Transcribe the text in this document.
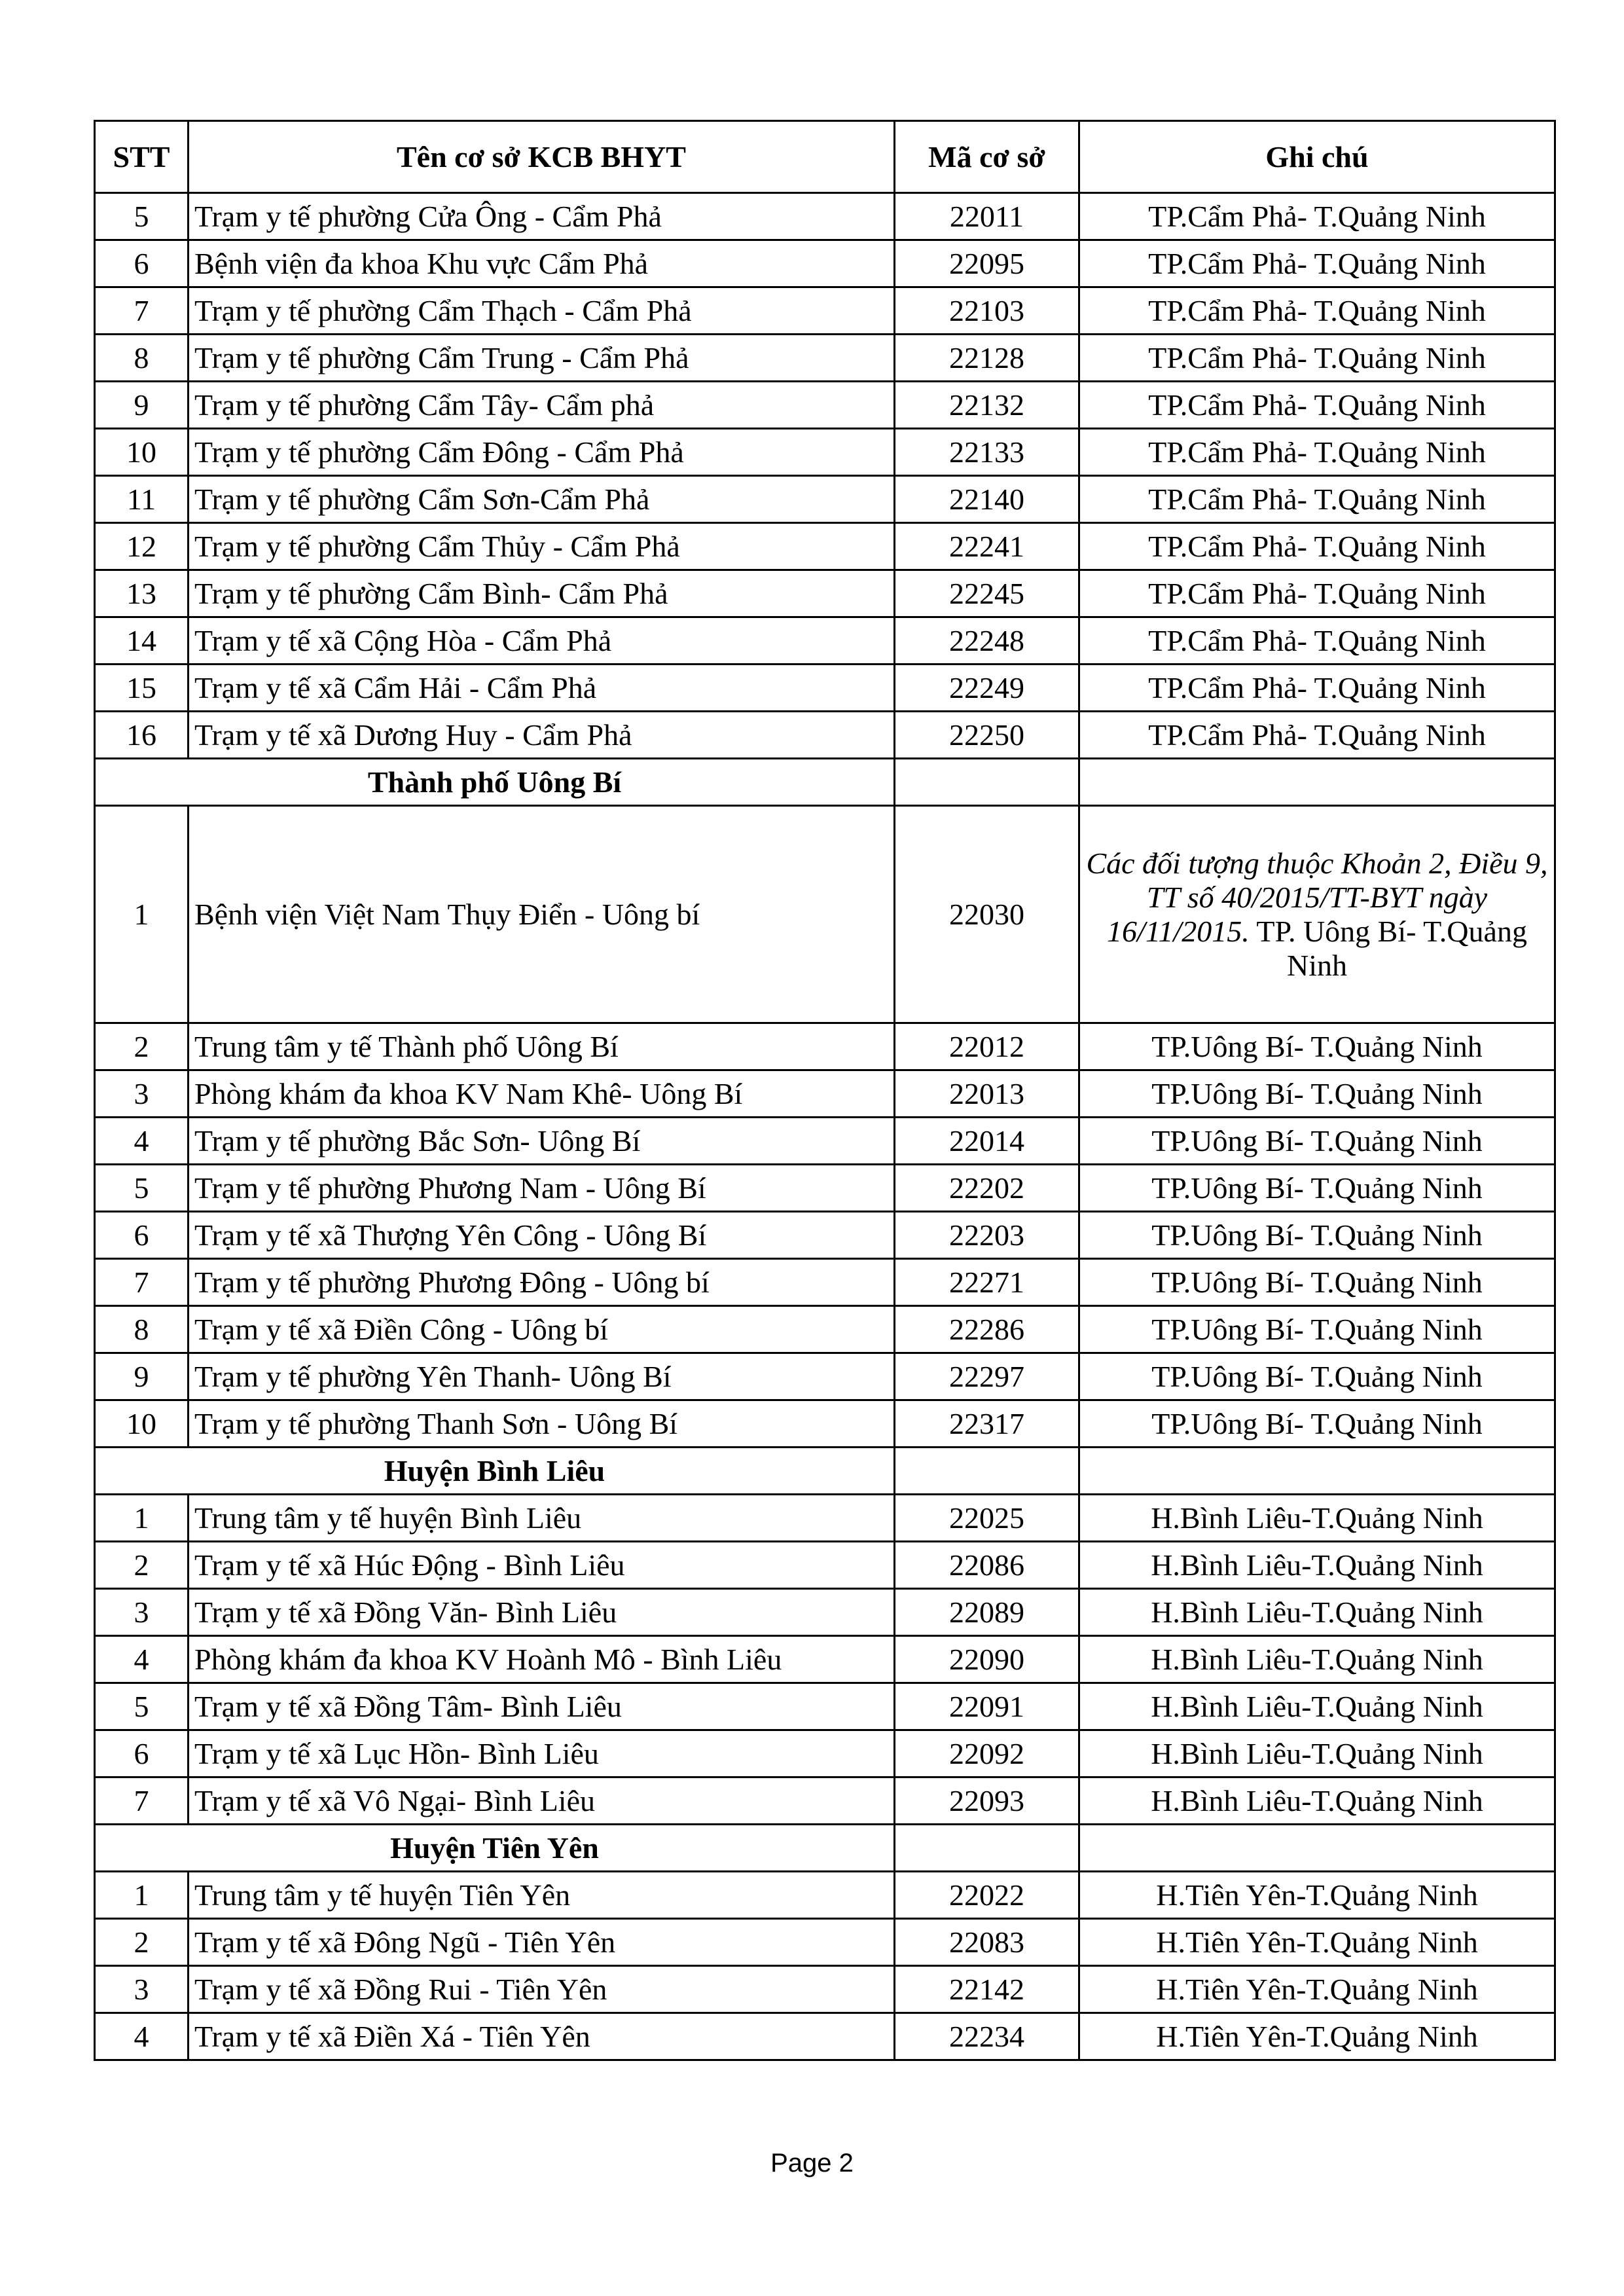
STT	Tên cơ sở KCB BHYT	Mã cơ sở	Ghi chú
5	Trạm y tế phường Cửa Ông - Cẩm Phả	22011	TP.Cẩm Phả- T.Quảng Ninh
6	Bệnh viện đa khoa Khu vực Cẩm Phả	22095	TP.Cẩm Phả- T.Quảng Ninh
7	Trạm y tế phường Cẩm Thạch - Cẩm Phả	22103	TP.Cẩm Phả- T.Quảng Ninh
8	Trạm y tế phường Cẩm Trung - Cẩm Phả	22128	TP.Cẩm Phả- T.Quảng Ninh
9	Trạm y tế phường Cẩm Tây- Cẩm phả	22132	TP.Cẩm Phả- T.Quảng Ninh
10	Trạm y tế phường Cẩm Đông - Cẩm Phả	22133	TP.Cẩm Phả- T.Quảng Ninh
11	Trạm y tế phường Cẩm Sơn-Cẩm Phả	22140	TP.Cẩm Phả- T.Quảng Ninh
12	Trạm y tế phường Cẩm Thủy - Cẩm Phả	22241	TP.Cẩm Phả- T.Quảng Ninh
13	Trạm y tế phường Cẩm Bình- Cẩm Phả	22245	TP.Cẩm Phả- T.Quảng Ninh
14	Trạm y tế xã Cộng Hòa - Cẩm Phả	22248	TP.Cẩm Phả- T.Quảng Ninh
15	Trạm y tế xã Cẩm Hải - Cẩm Phả	22249	TP.Cẩm Phả- T.Quảng Ninh
16	Trạm y tế xã Dương Huy - Cẩm Phả	22250	TP.Cẩm Phả- T.Quảng Ninh
Thành phố Uông Bí			
1	Bệnh viện Việt Nam Thụy Điển - Uông bí	22030	Các đối tượng thuộc Khoản 2, Điều 9, TT số 40/2015/TT-BYT ngày 16/11/2015. TP. Uông Bí- T.Quảng Ninh
2	Trung tâm y tế Thành phố Uông Bí	22012	TP.Uông Bí- T.Quảng Ninh
3	Phòng khám đa khoa KV Nam Khê- Uông Bí	22013	TP.Uông Bí- T.Quảng Ninh
4	Trạm y tế phường Bắc Sơn- Uông Bí	22014	TP.Uông Bí- T.Quảng Ninh
5	Trạm y tế phường Phương Nam - Uông Bí	22202	TP.Uông Bí- T.Quảng Ninh
6	Trạm y tế xã Thượng Yên Công - Uông Bí	22203	TP.Uông Bí- T.Quảng Ninh
7	Trạm y tế phường Phương Đông - Uông bí	22271	TP.Uông Bí- T.Quảng Ninh
8	Trạm y tế xã Điền Công - Uông bí	22286	TP.Uông Bí- T.Quảng Ninh
9	Trạm y tế phường Yên Thanh- Uông Bí	22297	TP.Uông Bí- T.Quảng Ninh
10	Trạm y tế phường Thanh Sơn - Uông Bí	22317	TP.Uông Bí- T.Quảng Ninh
Huyện Bình Liêu			
1	Trung tâm y tế huyện Bình Liêu	22025	H.Bình Liêu-T.Quảng Ninh
2	Trạm y tế xã Húc Động - Bình Liêu	22086	H.Bình Liêu-T.Quảng Ninh
3	Trạm y tế xã Đồng Văn- Bình Liêu	22089	H.Bình Liêu-T.Quảng Ninh
4	Phòng khám đa khoa KV Hoành Mô - Bình Liêu	22090	H.Bình Liêu-T.Quảng Ninh
5	Trạm y tế xã Đồng Tâm- Bình Liêu	22091	H.Bình Liêu-T.Quảng Ninh
6	Trạm y tế xã Lục Hồn- Bình Liêu	22092	H.Bình Liêu-T.Quảng Ninh
7	Trạm y tế xã Vô Ngại- Bình Liêu	22093	H.Bình Liêu-T.Quảng Ninh
Huyện Tiên Yên			
1	Trung tâm y tế huyện Tiên Yên	22022	H.Tiên Yên-T.Quảng Ninh
2	Trạm y tế xã Đông Ngũ - Tiên Yên	22083	H.Tiên Yên-T.Quảng Ninh
3	Trạm y tế xã Đồng Rui - Tiên Yên	22142	H.Tiên Yên-T.Quảng Ninh
4	Trạm y tế xã Điền Xá - Tiên Yên	22234	H.Tiên Yên-T.Quảng Ninh
Page 2
